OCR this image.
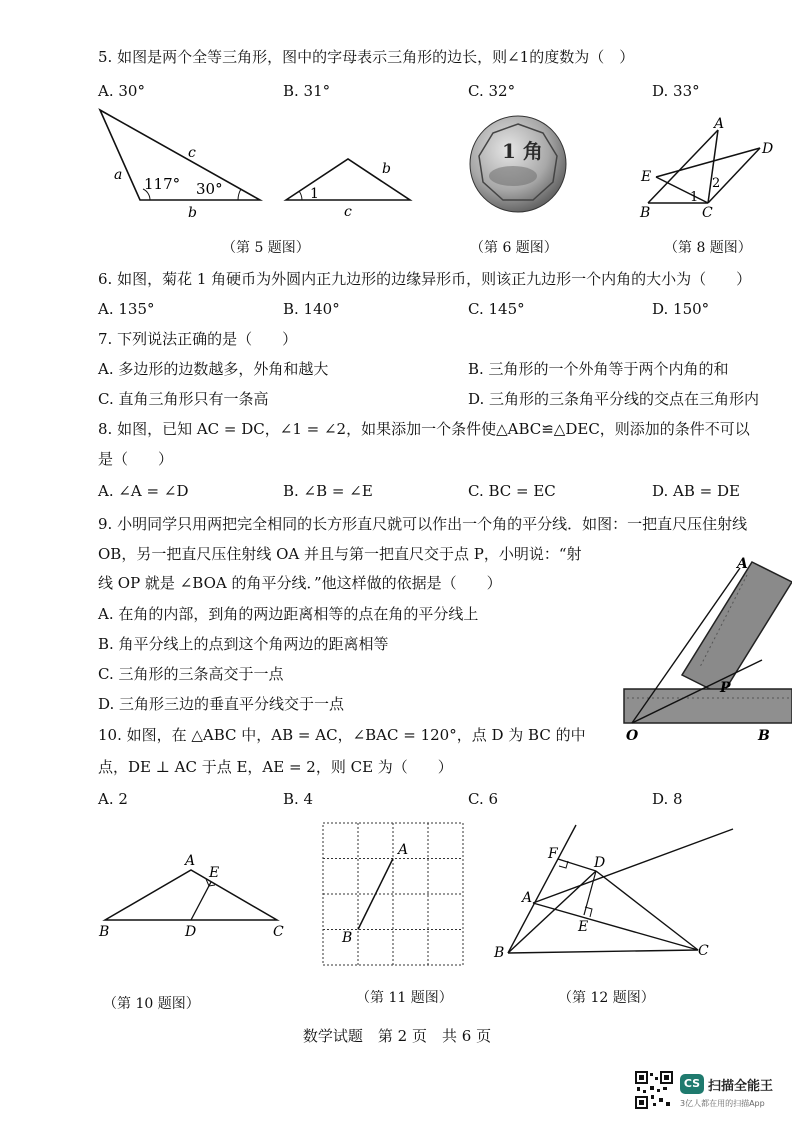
5. 如图是两个全等三角形，图中的字母表示三角形的边长，则∠1的度数为（　）
A. 30°	B. 31°	C. 32°	D. 33°
a
c
b
117° 30°	1
b
c
1 角
A
D
E
B	C
1
2
（第 5 题图）	（第 6 题图）	（第 8 题图）
6. 如图，菊花 1 角硬币为外圆内正九边形的边缘异形币，则该正九边形一个内角的大小为（　　）
A. 135°	B. 140°	C. 145°	D. 150°
7. 下列说法正确的是（　　）
A. 多边形的边数越多，外角和越大	B. 三角形的一个外角等于两个内角的和
C. 直角三角形只有一条高	D. 三角形的三条角平分线的交点在三角形内
8. 如图，已知 AC = DC，∠1 = ∠2，如果添加一个条件使△ABC≌△DEC，则添加的条件不可以
是（　　）
A. ∠A = ∠D	B. ∠B = ∠E	C. BC = EC	D. AB = DE
9. 小明同学只用两把完全相同的长方形直尺就可以作出一个角的平分线．如图：一把直尺压住射线
OB，另一把直尺压住射线 OA 并且与第一把直尺交于点 P，小明说：“射
线 OP 就是 ∠BOA 的角平分线．”他这样做的依据是（　　）
A. 在角的内部，到角的两边距离相等的点在角的平分线上
B. 角平分线上的点到这个角两边的距离相等
C. 三角形的三条高交于一点
D. 三角形三边的垂直平分线交于一点
A
P
O	B
10. 如图，在 △ABC 中，AB = AC，∠BAC = 120°，点 D 为 BC 的中
点，DE ⊥ AC 于点 E，AE = 2，则 CE 为（　　）
A. 2	B. 4	C. 6	D. 8
A
E
B	D	C
A
B
F
D
A
E
B	C
（第 10 题图）	（第 11 题图）	（第 12 题图）
数学试题　第 2 页　共 6 页
CS 扫描全能王
3亿人都在用的扫描App
